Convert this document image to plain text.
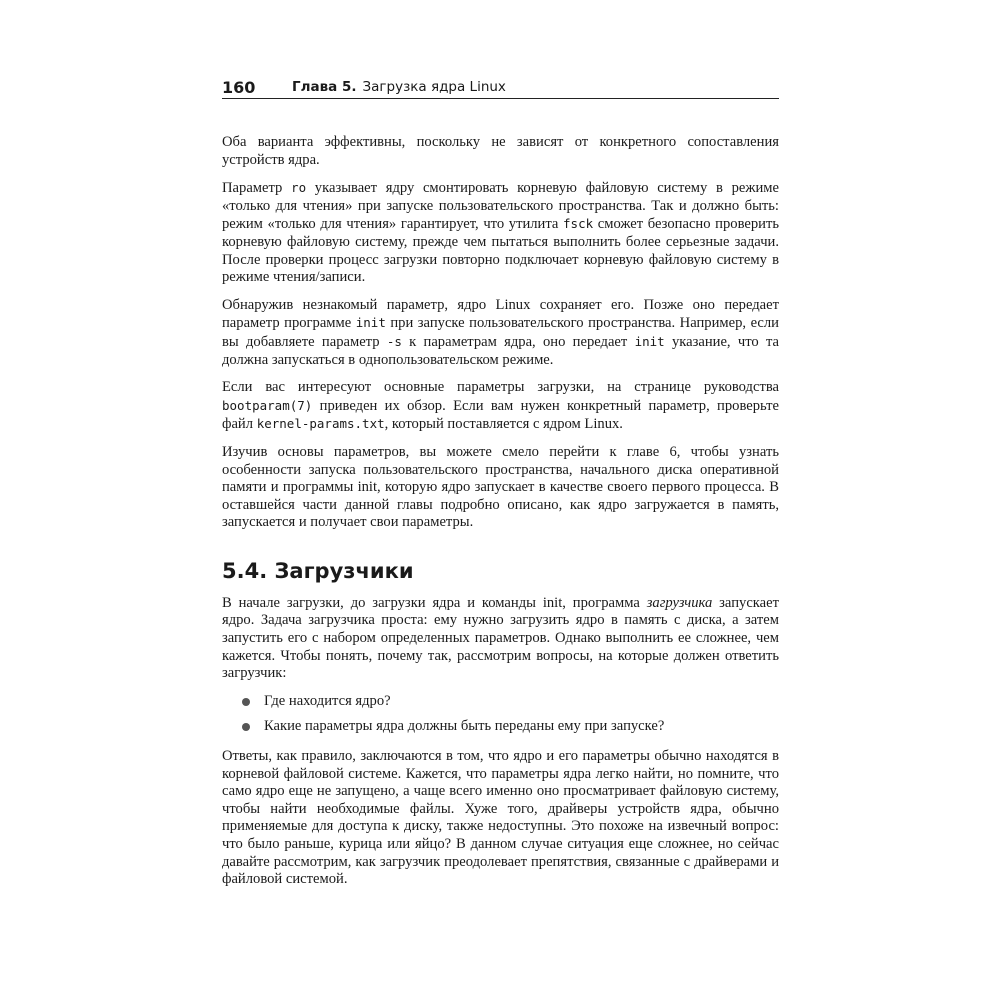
160	Глава 5. Загрузка ядра Linux

Оба варианта эффективны, поскольку не зависят от конкретного сопоставления устройств ядра.

Параметр ro указывает ядру смонтировать корневую файловую систему в режиме «только для чтения» при запуске пользовательского пространства. Так и должно быть: режим «только для чтения» гарантирует, что утилита fsck сможет безопасно проверить корневую файловую систему, прежде чем пытаться выполнить более серьезные задачи. После проверки процесс загрузки повторно подключает корневую файловую систему в режиме чтения/записи.

Обнаружив незнакомый параметр, ядро Linux сохраняет его. Позже оно передает параметр программе init при запуске пользовательского пространства. Например, если вы добавляете параметр -s к параметрам ядра, оно передает init указание, что та должна запускаться в однопользовательском режиме.

Если вас интересуют основные параметры загрузки, на странице руководства bootparam(7) приведен их обзор. Если вам нужен конкретный параметр, проверьте файл kernel-params.txt, который поставляется с ядром Linux.

Изучив основы параметров, вы можете смело перейти к главе 6, чтобы узнать особенности запуска пользовательского пространства, начального диска оперативной памяти и программы init, которую ядро запускает в качестве своего первого процесса. В оставшейся части данной главы подробно описано, как ядро загружается в память, запускается и получает свои параметры.

5.4. Загрузчики

В начале загрузки, до загрузки ядра и команды init, программа загрузчика запускает ядро. Задача загрузчика проста: ему нужно загрузить ядро в память с диска, а затем запустить его с набором определенных параметров. Однако выполнить ее сложнее, чем кажется. Чтобы понять, почему так, рассмотрим вопросы, на которые должен ответить загрузчик:

Где находится ядро?
Какие параметры ядра должны быть переданы ему при запуске?

Ответы, как правило, заключаются в том, что ядро и его параметры обычно находятся в корневой файловой системе. Кажется, что параметры ядра легко найти, но помните, что само ядро еще не запущено, а чаще всего именно оно просматривает файловую систему, чтобы найти необходимые файлы. Хуже того, драйверы устройств ядра, обычно применяемые для доступа к диску, также недоступны. Это похоже на извечный вопрос: что было раньше, курица или яйцо? В данном случае ситуация еще сложнее, но сейчас давайте рассмотрим, как загрузчик преодолевает препятствия, связанные с драйверами и файловой системой.
